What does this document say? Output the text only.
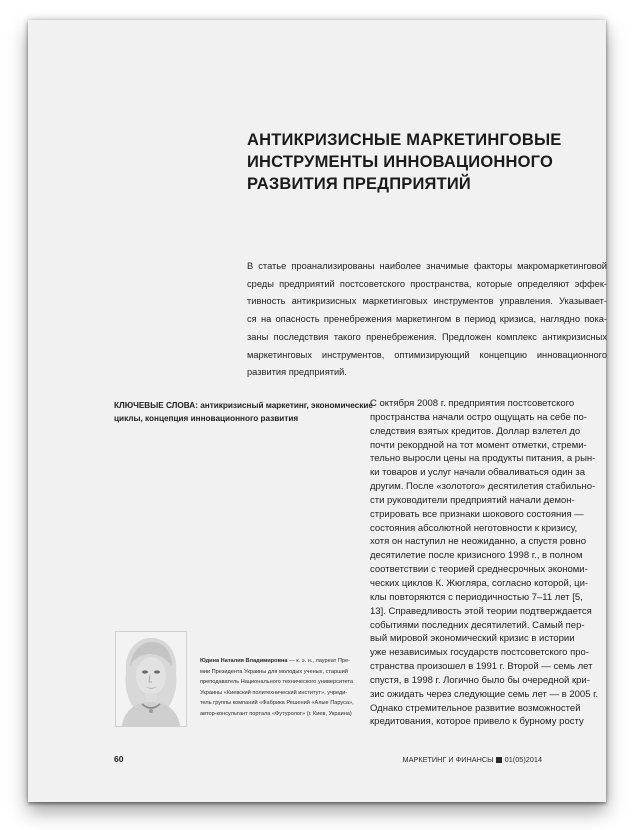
АНТИКРИЗИСНЫЕ МАРКЕТИНГОВЫЕ
ИНСТРУМЕНТЫ ИННОВАЦИОННОГО
РАЗВИТИЯ ПРЕДПРИЯТИЙ
В статье проанализированы наиболее значимые факторы макромаркетинговой
среды предприятий постсоветского пространства, которые определяют эффек-
тивность антикризисных маркетинговых инструментов управления. Указывает-
ся на опасность пренебрежения маркетингом в период кризиса, наглядно пока-
заны последствия такого пренебрежения. Предложен комплекс антикризисных
маркетинговых инструментов, оптимизирующий концепцию инновационного
развития предприятий.
КЛЮЧЕВЫЕ СЛОВА: антикризисный маркетинг, экономические
циклы, концепция инновационного развития
С октября 2008 г. предприятия постсоветского
пространства начали остро ощущать на себе по-
следствия взятых кредитов. Доллар взлетел до
почти рекордной на тот момент отметки, стреми-
тельно выросли цены на продукты питания, а рын-
ки товаров и услуг начали обваливаться один за
другим. После «золотого» десятилетия стабильно-
сти руководители предприятий начали демон-
стрировать все признаки шокового состояния —
состояния абсолютной неготовности к кризису,
хотя он наступил не неожиданно, а спустя ровно
десятилетие после кризисного 1998 г., в полном
соответствии с теорией среднесрочных экономи-
ческих циклов К. Жюгляра, согласно которой, ци-
клы повторяются с периодичностью 7–11 лет [5,
13]. Справедливость этой теории подтверждается
событиями последних десятилетий. Самый пер-
вый мировой экономический кризис в истории
уже независимых государств постсоветского про-
странства произошел в 1991 г. Второй — семь лет
спустя, в 1998 г. Логично было бы очередной кри-
зис ожидать через следующие семь лет — в 2005 г.
Однако стремительное развитие возможностей
кредитования, которое привело к бурному росту
Юдина Наталия Владимировна — к. э. н., лауреат Пре-
мии Президента Украины для молодых ученых, старший
преподаватель Национального технического университета
Украины «Киевский политехнический институт», учреди-
тель группы компаний «Фабрика Решений «Алые Паруса»,
автор-консультант портала «Футуролог» (г. Киев, Украина)
60	МАРКЕТИНГ И ФИНАНСЫ 01(05)2014
